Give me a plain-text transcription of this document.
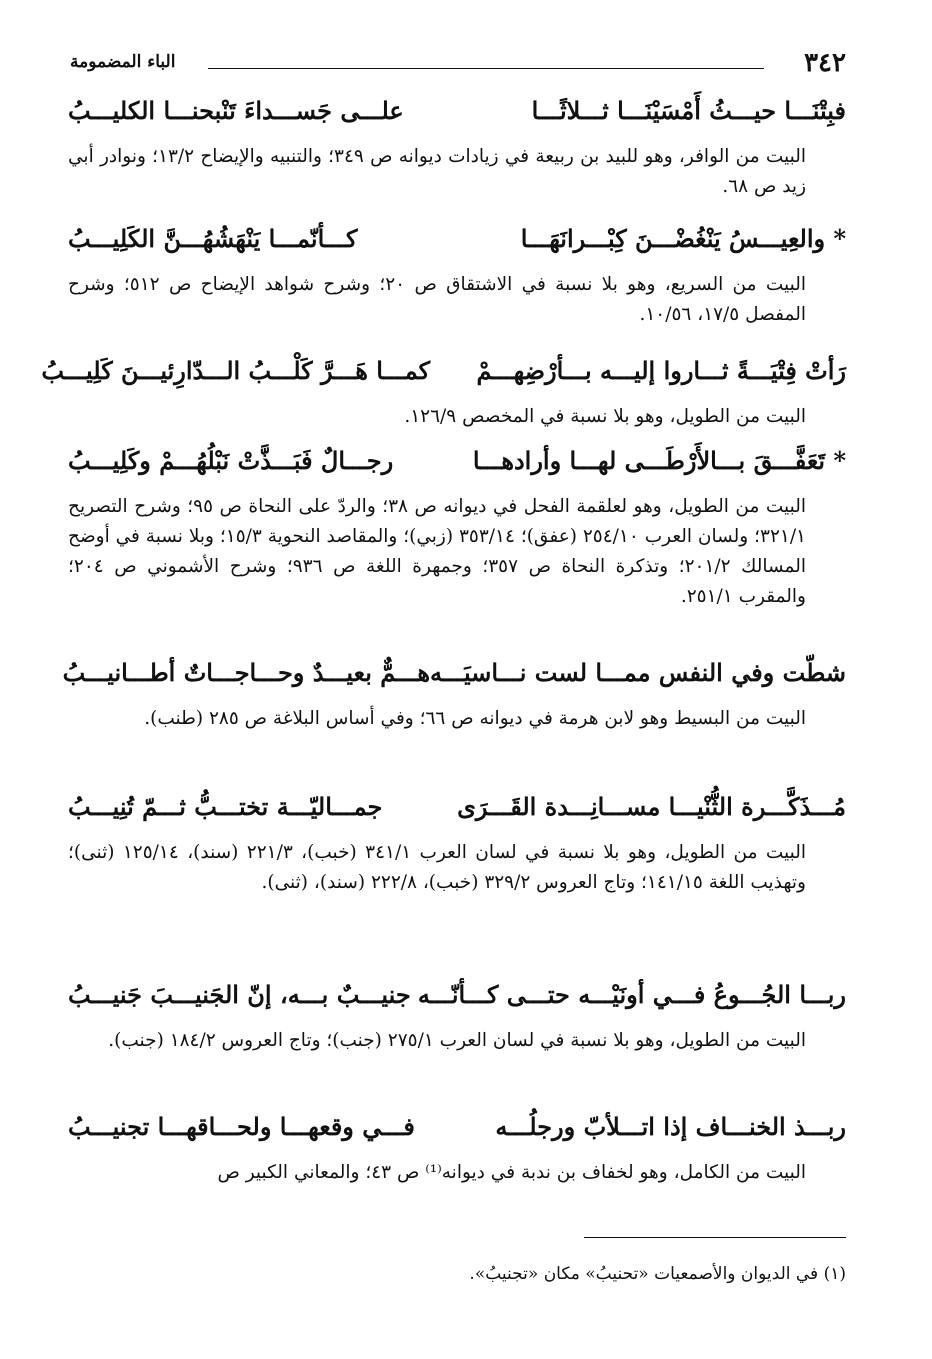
٣٤٢
الباء المضمومة
فبِتْنَـــا حيـــثُ أَمْسَيْنَـــا ثـــلاثًـــا
علـــى جَســـداءَ تَنْبحنـــا الكليـــبُ

البيت من الوافر، وهو للبيد بن ربيعة في زيادات ديوانه ص ٣٤٩؛ والتنبيه والإيضاح ١٣/٢؛ ونوادر أبي زيد ص ٦٨.

* والعِيـــسُ يَنْغُضْـــنَ كِبْـــرانَهَـــا
كـــأنّمـــا يَنْهَشُهُـــنَّ الكَلِيـــبُ

البيت من السريع، وهو بلا نسبة في الاشتقاق ص ٢٠؛ وشرح شواهد الإيضاح ص ٥١٢؛ وشرح المفصل ١٧/٥، ١٠/٥٦.

رَأتْ فِتْيَـــةً ثـــاروا إليـــه بـــأرْضِهـــمْ
كمـــا هَـــرَّ كَلْـــبُ الـــدّارِئيـــنَ كَلِيـــبُ

البيت من الطويل، وهو بلا نسبة في المخصص ١٢٦/٩.

* تَعَفَّـــقَ بـــالأَرْطَـــى لهـــا وأرادهـــا
رجـــالٌ فَبَـــذَّتْ نَبْلُهُـــمْ وكَلِيـــبُ

البيت من الطويل، وهو لعلقمة الفحل في ديوانه ص ٣٨؛ والردّ على النحاة ص ٩٥؛ وشرح التصريح ٣٢١/١؛ ولسان العرب ٢٥٤/١٠ (عفق)؛ ٣٥٣/١٤ (زبي)؛ والمقاصد النحوية ١٥/٣؛ وبلا نسبة في أوضح المسالك ٢٠١/٢؛ وتذكرة النحاة ص ٣٥٧؛ وجمهرة اللغة ص ٩٣٦؛ وشرح الأشموني ص ٢٠٤؛ والمقرب ٢٥١/١.

شطّت وفي النفس ممـــا لست نـــاسيَـــه
هـــمٌّ بعيـــدٌ وحـــاجـــاتٌ أطـــانيـــبُ

البيت من البسيط وهو لابن هرمة في ديوانه ص ٦٦؛ وفي أساس البلاغة ص ٢٨٥ (طنب).

مُـــذَكَّـــرة الثُّنْيـــا مســـانِـــدة القَـــرَى
جمـــاليّـــة تختـــبُّ ثـــمّ تُنِيـــبُ

البيت من الطويل، وهو بلا نسبة في لسان العرب ٣٤١/١ (خبب)، ٢٢١/٣ (سند)، ١٢٥/١٤ (ثنى)؛ وتهذيب اللغة ١٤١/١٥؛ وتاج العروس ٣٢٩/٢ (خبب)، ٢٢٢/٨ (سند)، (ثنى).

ربـــا الجُـــوعُ فـــي أونَيْـــه حتـــى كـــأنّـــه
جنيـــبٌ بـــه، إنّ الجَنيـــبَ جَنيـــبُ

البيت من الطويل، وهو بلا نسبة في لسان العرب ٢٧٥/١ (جنب)؛ وتاج العروس ١٨٤/٢ (جنب).

ربـــذ الخنـــاف إذا اتـــلأبّ ورجلُـــه
فـــي وقعهـــا ولحـــاقهـــا تجنيـــبُ

البيت من الكامل، وهو لخفاف بن ندبة في ديوانه⁽¹⁾ ص ٤٣؛ والمعاني الكبير ص

(١) في الديوان والأصمعيات «تحنيبُ» مكان «تجنيبُ».
